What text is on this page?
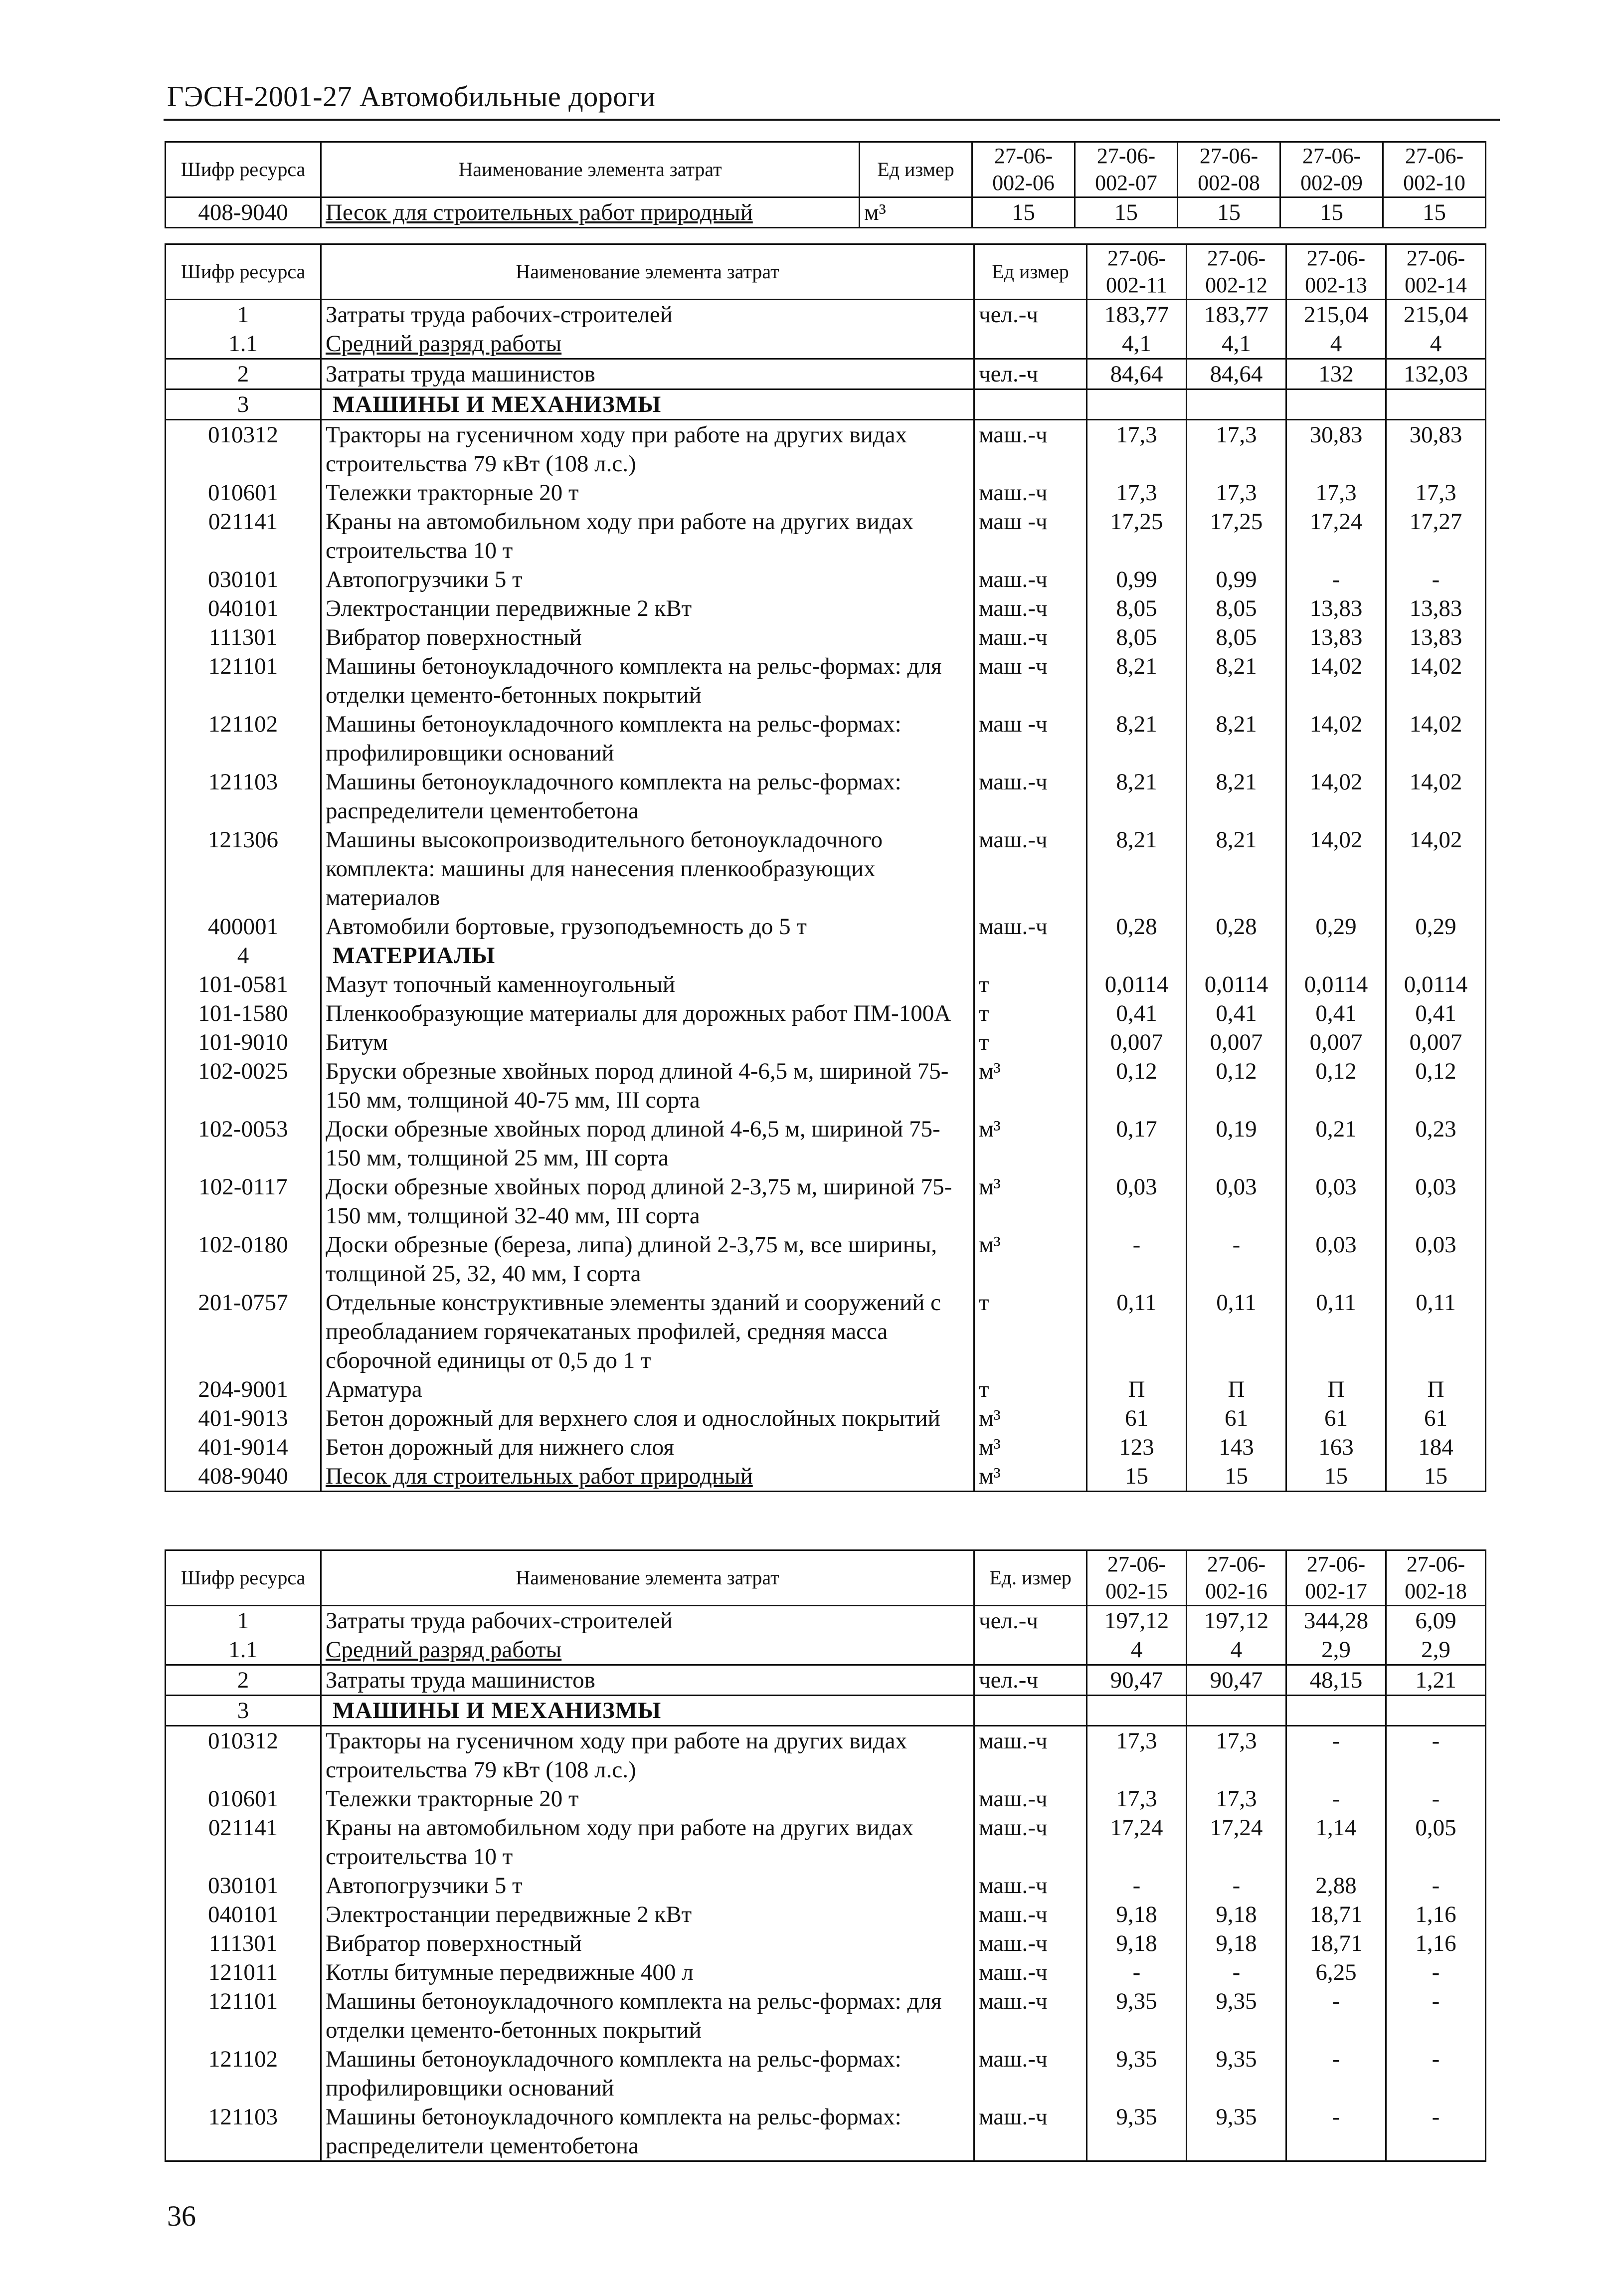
ГЭСН-2001-27 Автомобильные дороги
Шифр ресурса	Наименование элемента затрат	Ед измер	27-06-002-06	27-06-002-07	27-06-002-08	27-06-002-09	27-06-002-10

408-9040	Песок для строительных работ природный	м³	15	15	15	15	15
Шифр ресурса	Наименование элемента затрат	Ед измер	27-06-002-11	27-06-002-12	27-06-002-13	27-06-002-14

1	Затраты труда рабочих-строителей	чел.-ч	183,77	183,77	215,04	215,04

1.1	Средний разряд работы		4,1	4,1	4	4

2	Затраты труда машинистов	чел.-ч	84,64	84,64	132	132,03

3	МАШИНЫ И МЕХАНИЗМЫ					

010312	Тракторы на гусеничном ходу при работе на других видах строительства 79 кВт (108 л.с.)	маш.-ч	17,3	17,3	30,83	30,83

010601	Тележки тракторные 20 т	маш.-ч	17,3	17,3	17,3	17,3

021141	Краны на автомобильном ходу при работе на других видах строительства 10 т	маш -ч	17,25	17,25	17,24	17,27

030101	Автопогрузчики 5 т	маш.-ч	0,99	0,99	-	-

040101	Электростанции передвижные 2 кВт	маш.-ч	8,05	8,05	13,83	13,83

111301	Вибратор поверхностный	маш.-ч	8,05	8,05	13,83	13,83

121101	Машины бетоноукладочного комплекта на рельс-формах: для отделки цементо-бетонных покрытий	маш -ч	8,21	8,21	14,02	14,02

121102	Машины бетоноукладочного комплекта на рельс-формах: профилировщики оснований	маш -ч	8,21	8,21	14,02	14,02

121103	Машины бетоноукладочного комплекта на рельс-формах: распределители цементобетона	маш.-ч	8,21	8,21	14,02	14,02

121306	Машины высокопроизводительного бетоноукладочного комплекта: машины для нанесения пленкообразующих материалов	маш.-ч	8,21	8,21	14,02	14,02

400001	Автомобили бортовые, грузоподъемность до 5 т	маш.-ч	0,28	0,28	0,29	0,29

4	МАТЕРИАЛЫ					

101-0581	Мазут топочный каменноугольный	т	0,0114	0,0114	0,0114	0,0114

101-1580	Пленкообразующие материалы для дорожных работ ПМ-100А	т	0,41	0,41	0,41	0,41

101-9010	Битум	т	0,007	0,007	0,007	0,007

102-0025	Бруски обрезные хвойных пород длиной 4-6,5 м, шириной 75-150 мм, толщиной 40-75 мм, III сорта	м³	0,12	0,12	0,12	0,12

102-0053	Доски обрезные хвойных пород длиной 4-6,5 м, шириной 75-150 мм, толщиной 25 мм, III сорта	м³	0,17	0,19	0,21	0,23

102-0117	Доски обрезные хвойных пород длиной 2-3,75 м, шириной 75-150 мм, толщиной 32-40 мм, III сорта	м³	0,03	0,03	0,03	0,03

102-0180	Доски обрезные (береза, липа) длиной 2-3,75 м, все ширины, толщиной 25, 32, 40 мм, I сорта	м³	-	-	0,03	0,03

201-0757	Отдельные конструктивные элементы зданий и сооружений с преобладанием горячекатаных профилей, средняя масса сборочной единицы от 0,5 до 1 т	т	0,11	0,11	0,11	0,11

204-9001	Арматура	т	П	П	П	П

401-9013	Бетон дорожный для верхнего слоя и однослойных покрытий	м³	61	61	61	61

401-9014	Бетон дорожный для нижнего слоя	м³	123	143	163	184

408-9040	Песок для строительных работ природный	м³	15	15	15	15
Шифр ресурса	Наименование элемента затрат	Ед. измер	27-06-002-15	27-06-002-16	27-06-002-17	27-06-002-18

1	Затраты труда рабочих-строителей	чел.-ч	197,12	197,12	344,28	6,09

1.1	Средний разряд работы		4	4	2,9	2,9

2	Затраты труда машинистов	чел.-ч	90,47	90,47	48,15	1,21

3	МАШИНЫ И МЕХАНИЗМЫ					

010312	Тракторы на гусеничном ходу при работе на других видах строительства 79 кВт (108 л.с.)	маш.-ч	17,3	17,3	-	-

010601	Тележки тракторные 20 т	маш.-ч	17,3	17,3	-	-

021141	Краны на автомобильном ходу при работе на других видах строительства 10 т	маш.-ч	17,24	17,24	1,14	0,05

030101	Автопогрузчики 5 т	маш.-ч	-	-	2,88	-

040101	Электростанции передвижные 2 кВт	маш.-ч	9,18	9,18	18,71	1,16

111301	Вибратор поверхностный	маш.-ч	9,18	9,18	18,71	1,16

121011	Котлы битумные передвижные 400 л	маш.-ч	-	-	6,25	-

121101	Машины бетоноукладочного комплекта на рельс-формах: для отделки цементо-бетонных покрытий	маш.-ч	9,35	9,35	-	-

121102	Машины бетоноукладочного комплекта на рельс-формах: профилировщики оснований	маш.-ч	9,35	9,35	-	-

121103	Машины бетоноукладочного комплекта на рельс-формах: распределители цементобетона	маш.-ч	9,35	9,35	-	-
36
